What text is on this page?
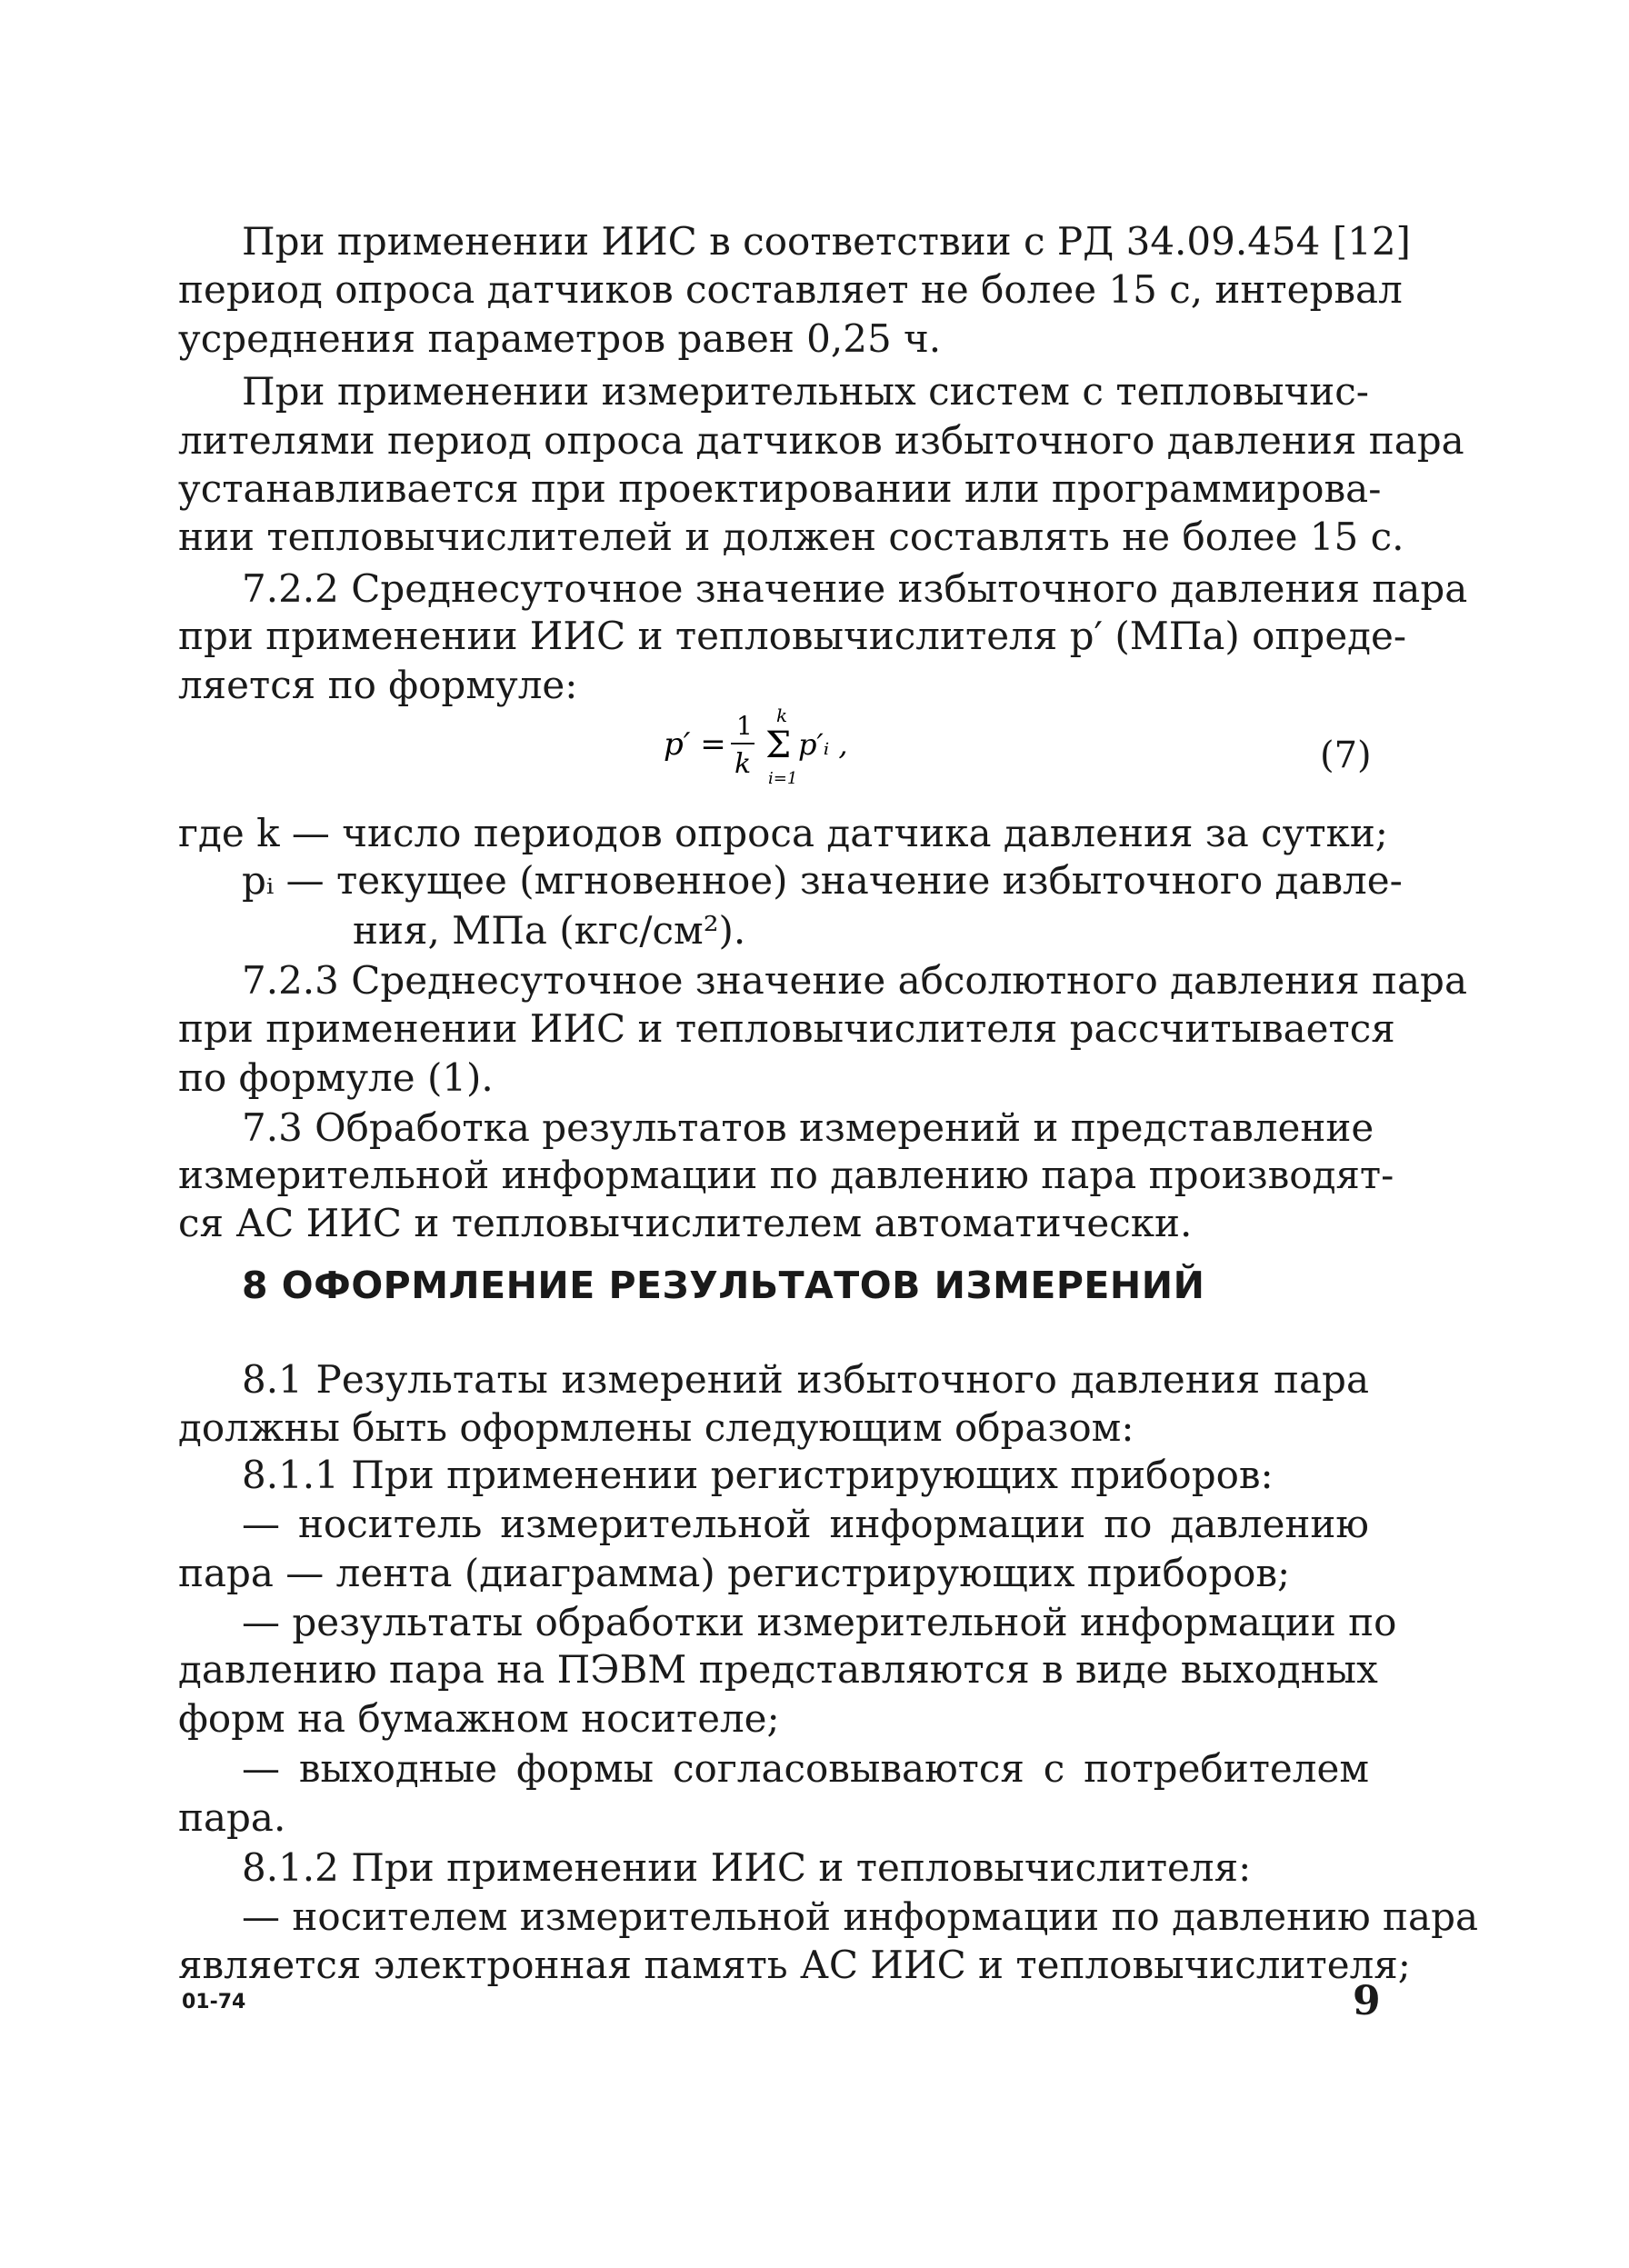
При применении ИИС в соответствии с РД 34.09.454 [12]
период опроса датчиков составляет не более 15 с, интервал
усреднения параметров равен 0,25 ч.
При применении измерительных систем с тепловычис-
лителями период опроса датчиков избыточного давления пара
устанавливается при проектировании или программирова-
нии тепловычислителей и должен составлять не более 15 с.
7.2.2 Среднесуточное значение избыточного давления пара
при применении ИИС и тепловычислителя p′ (МПа) опреде-
ляется по формуле:
где k — число периодов опроса датчика давления за сутки;
pᵢ — текущее (мгновенное) значение избыточного давле-
ния, МПа (кгс/см²).
7.2.3 Среднесуточное значение абсолютного давления пара
при применении ИИС и тепловычислителя рассчитывается
по формуле (1).
7.3 Обработка результатов измерений и представление
измерительной информации по давлению пара производят-
ся АС ИИС и тепловычислителем автоматически.
8.1 Результаты измерений избыточного давления пара
должны быть оформлены следующим образом:
8.1.1 При применении регистрирующих приборов:
— носитель измерительной информации по давлению
пара — лента (диаграмма) регистрирующих приборов;
— результаты обработки измерительной информации по
давлению пара на ПЭВМ представляются в виде выходных
форм на бумажном носителе;
— выходные формы согласовываются с потребителем
пара.
8.1.2 При применении ИИС и тепловычислителя:
— носителем измерительной информации по давлению пара
является электронная память АС ИИС и тепловычислителя;
8 ОФОРМЛЕНИЕ РЕЗУЛЬТАТОВ ИЗМЕРЕНИЙ
p′ =
1
k
k
Σ
i=1
p′ᵢ ,	(7)
01-74	9
